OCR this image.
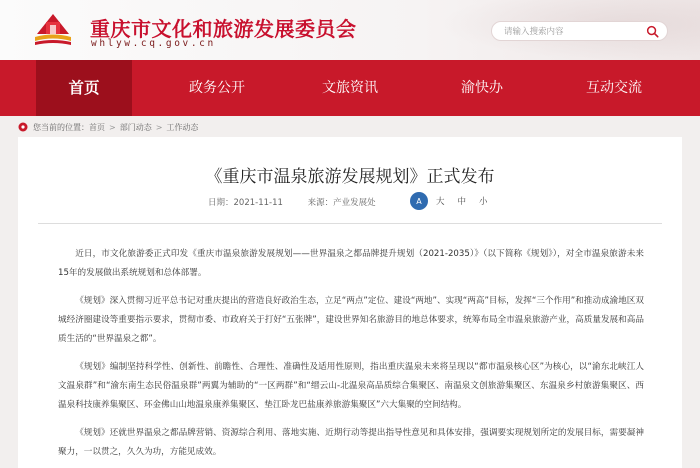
重庆市文化和旅游发展委员会
whlyw.cq.gov.cn
请输入搜索内容
首页	政务公开	文旅资讯	渝快办	互动交流
您当前的位置： 首页 > 部门动态 > 工作动态
《重庆市温泉旅游发展规划》正式发布
日期：2021-11-11	来源：产业发展处	A	大 中 小

近日，市文化旅游委正式印发《重庆市温泉旅游发展规划——世界温泉之都品牌提升规划（2021-2035）》（以下简称《规划》），对全市温泉旅游未来15年的发展做出系统规划和总体部署。

《规划》深入贯彻习近平总书记对重庆提出的营造良好政治生态，立足“两点”定位、建设“两地”、实现“两高”目标，发挥“三个作用”和推动成渝地区双城经济圈建设等重要指示要求，贯彻市委、市政府关于打好“五张牌”，建设世界知名旅游目的地总体要求，统筹布局全市温泉旅游产业，高质量发展和高品质生活的“世界温泉之都”。

《规划》编制坚持科学性、创新性、前瞻性、合理性、准确性及适用性原则，指出重庆温泉未来将呈现以“都市温泉核心区”为核心，以“渝东北峡江人文温泉群”和“渝东南生态民俗温泉群”两翼为辅助的“一区两群”和“缙云山-北温泉高品质综合集聚区、南温泉文创旅游集聚区、东温泉乡村旅游集聚区、西温泉科技康养集聚区、环金佛山山地温泉康养集聚区、垫江卧龙巴盐康养旅游集聚区”六大集聚的空间结构。

《规划》还就世界温泉之都品牌营销、资源综合利用、落地实施、近期行动等提出指导性意见和具体安排，强调要实现规划所定的发展目标，需要凝神聚力，一以贯之，久久为功，方能见成效。
